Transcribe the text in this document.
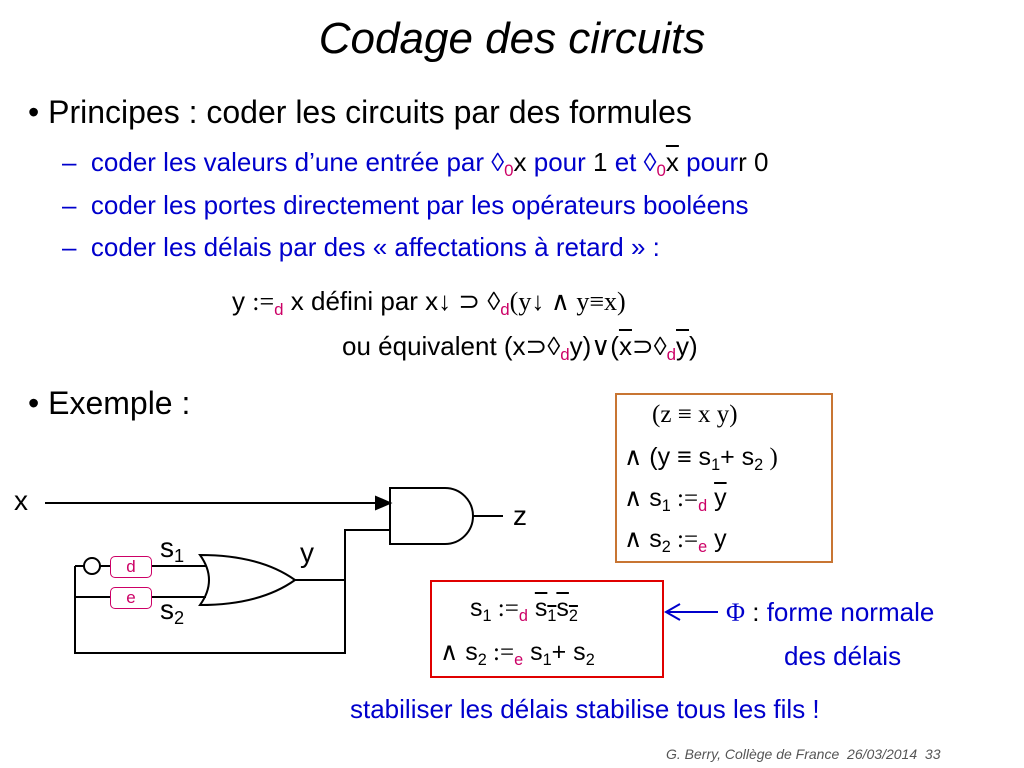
Codage des circuits
• Principes : coder les circuits par des formules
–  coder les valeurs d’une entrée par $◊_0x$ pour 1 et $◊_0\overline{x}$ pourr 0
–  coder les portes directement par les opérateurs booléens
–  coder les délais par des « affectations à retard » :
y $:=_d$ x défini par x↓ ⊃ $◊_d(y↓$ ∧ y≡x)
ou équivalent $(x⊃◊_dy)\vee(\overline{x}⊃◊_d\overline{y})$
• Exemple :
d
e
x	z
y
$s_1$
$s_2$
(z ≡ x y)
∧ ($y \equiv s_1+ s_2$ )
∧ $s_1$ $:=_d$ $\overline{y}$
∧ $s_2$ $:=_e$ y
$s_1$ $:=_d$ $s_1s_2$
∧ $s_2$ $:=_e$ $s_1+ s_2$
Φ : forme normale
des délais
stabiliser les délais stabilise tous les fils !
G. Berry, Collège de France 26/03/2014 33
